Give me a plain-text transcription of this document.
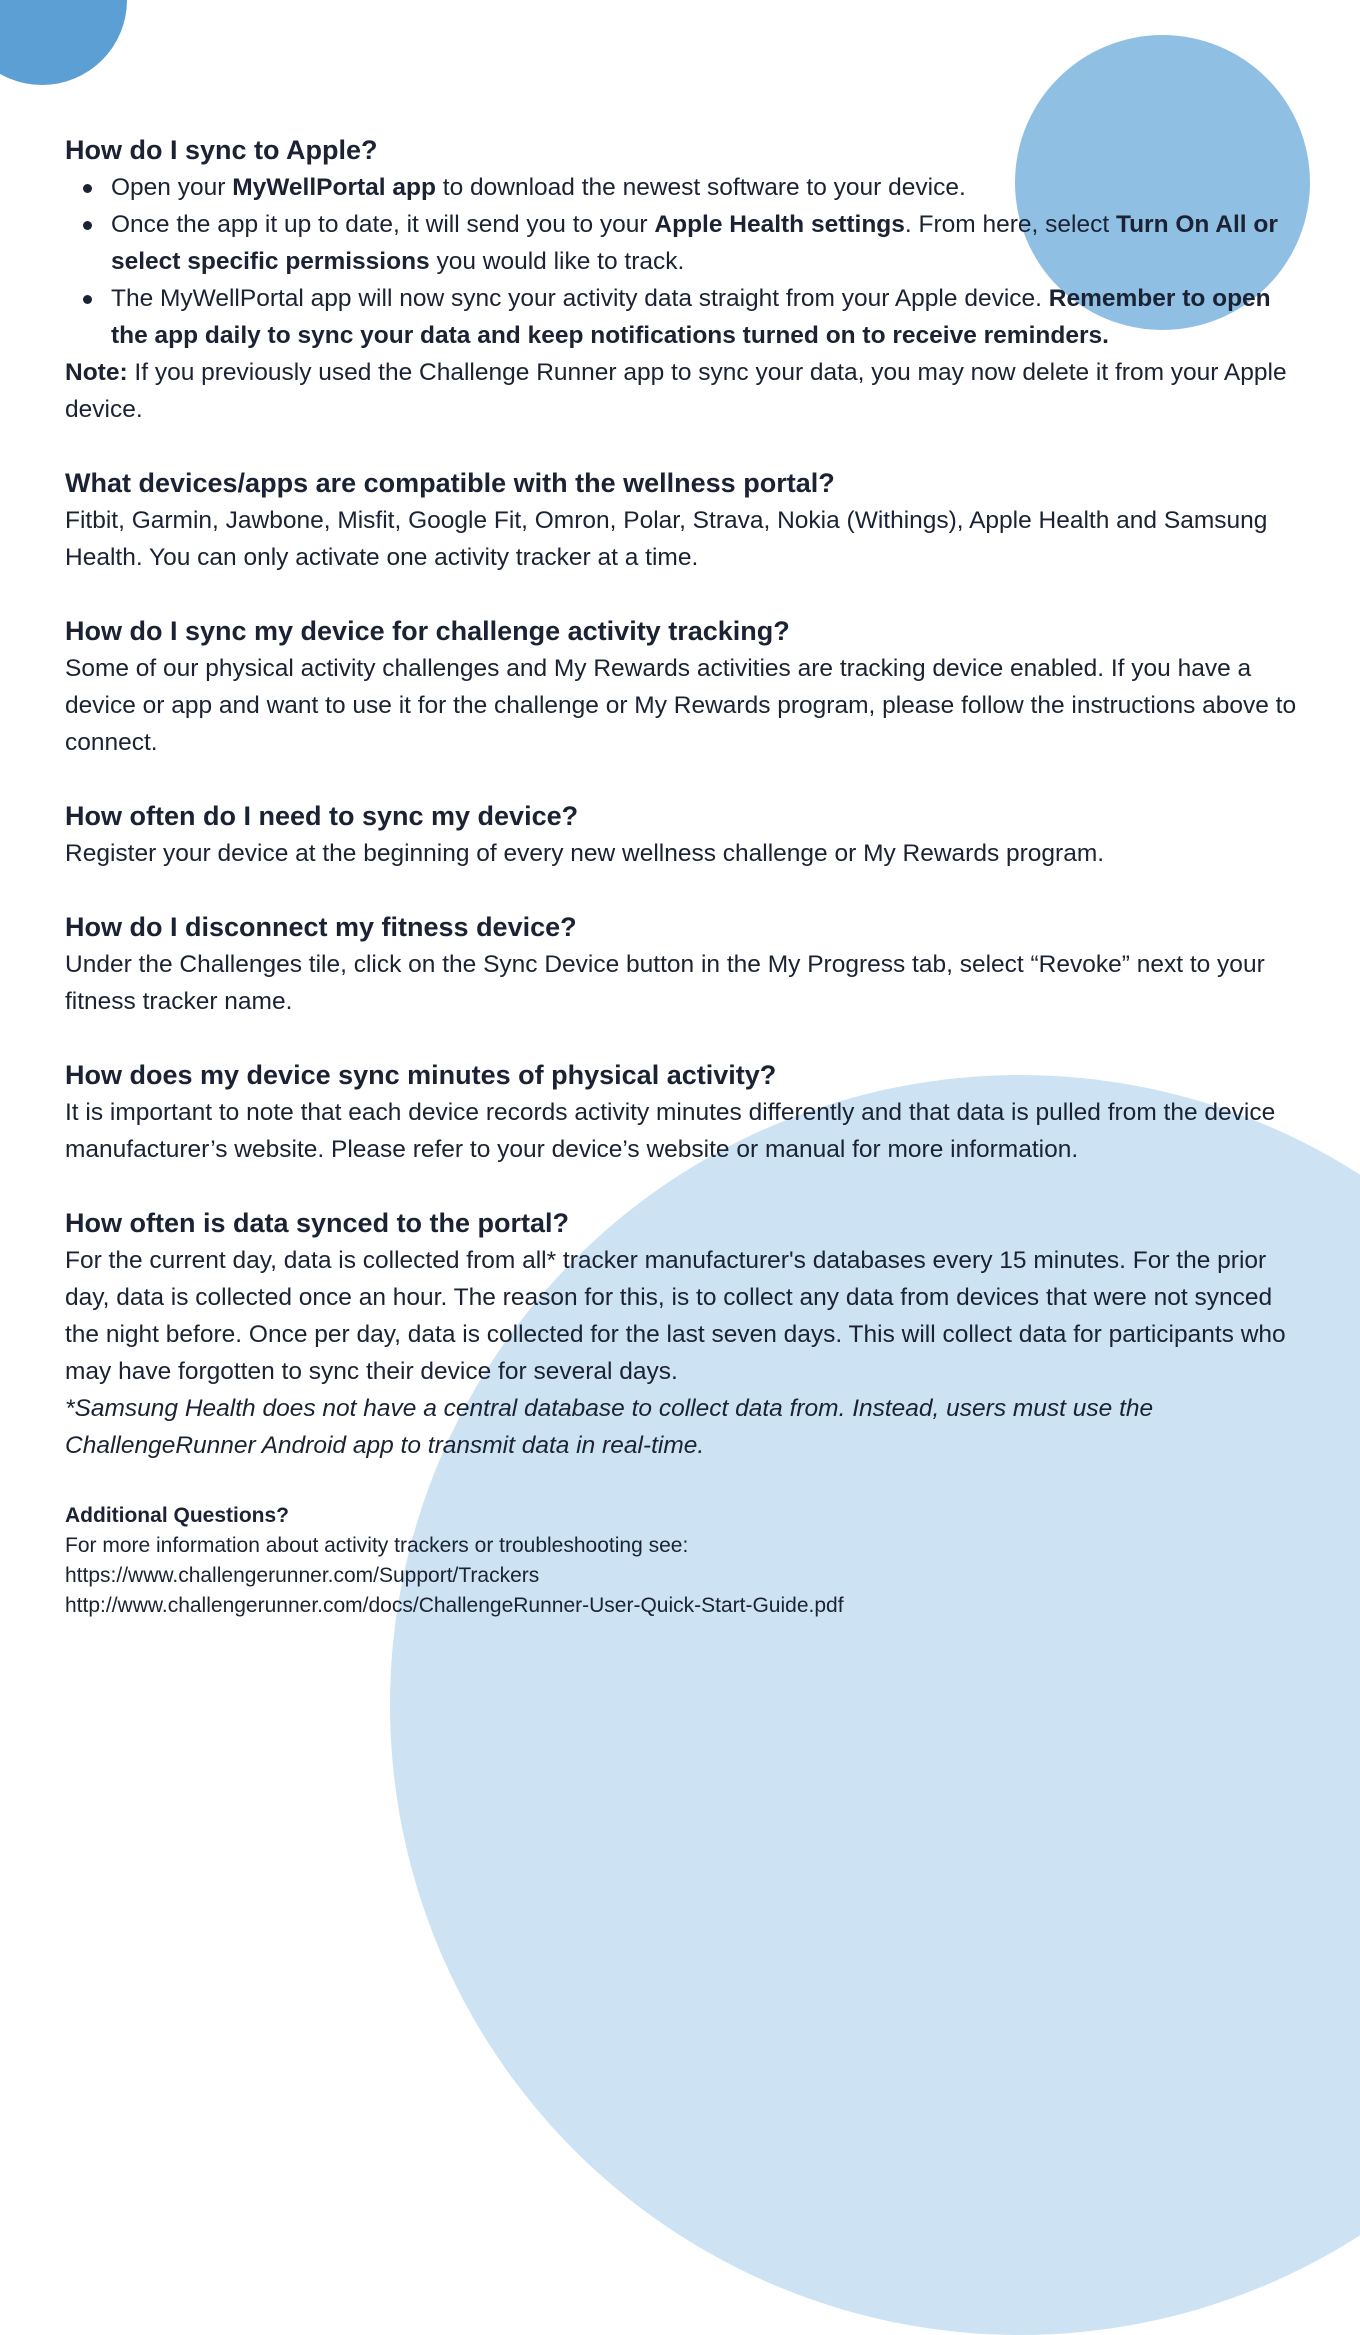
How do I sync to Apple?
Open your MyWellPortal app to download the newest software to your device.
Once the app it up to date, it will send you to your Apple Health settings. From here, select Turn On All or select specific permissions you would like to track.
The MyWellPortal app will now sync your activity data straight from your Apple device. Remember to open the app daily to sync your data and keep notifications turned on to receive reminders.

Note: If you previously used the Challenge Runner app to sync your data, you may now delete it from your Apple device.

What devices/apps are compatible with the wellness portal?

Fitbit, Garmin, Jawbone, Misfit, Google Fit, Omron, Polar, Strava, Nokia (Withings), Apple Health and Samsung Health. You can only activate one activity tracker at a time.

How do I sync my device for challenge activity tracking?

Some of our physical activity challenges and My Rewards activities are tracking device enabled. If you have a device or app and want to use it for the challenge or My Rewards program, please follow the instructions above to connect.

How often do I need to sync my device?

Register your device at the beginning of every new wellness challenge or My Rewards program.

How do I disconnect my fitness device?

Under the Challenges tile, click on the Sync Device button in the My Progress tab, select “Revoke” next to your fitness tracker name.

How does my device sync minutes of physical activity?

It is important to note that each device records activity minutes differently and that data is pulled from the device manufacturer’s website. Please refer to your device’s website or manual for more information.

How often is data synced to the portal?

For the current day, data is collected from all* tracker manufacturer's databases every 15 minutes. For the prior day, data is collected once an hour. The reason for this, is to collect any data from devices that were not synced the night before. Once per day, data is collected for the last seven days. This will collect data for participants who may have forgotten to sync their device for several days.

*Samsung Health does not have a central database to collect data from. Instead, users must use the ChallengeRunner Android app to transmit data in real-time.

Additional Questions?

For more information about activity trackers or troubleshooting see:

https://www.challengerunner.com/Support/Trackers

http://www.challengerunner.com/docs/ChallengeRunner-User-Quick-Start-Guide.pdf
